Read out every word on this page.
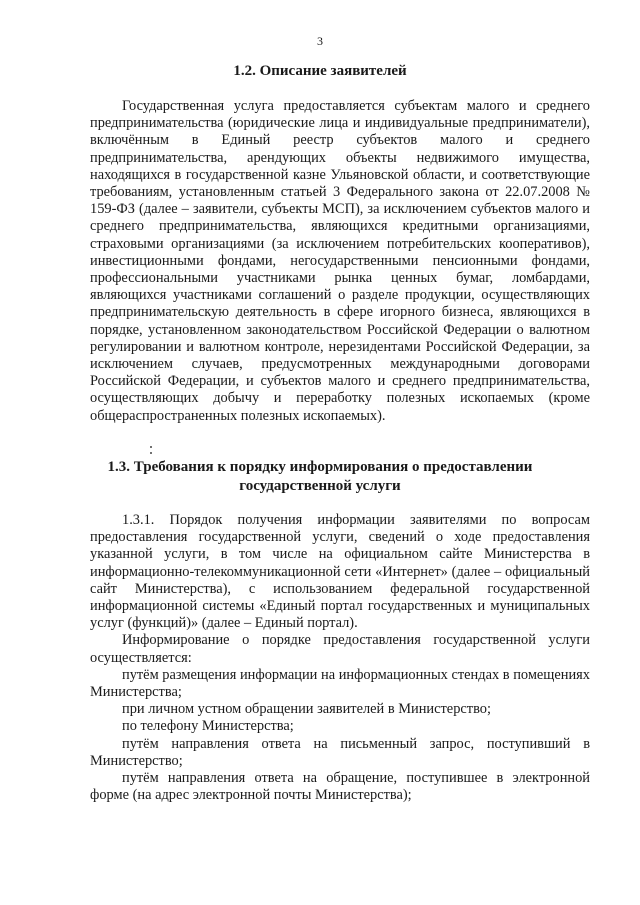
3
1.2. Описание заявителей

Государственная услуга предоставляется субъектам малого и среднего предпринимательства (юридические лица и индивидуальные предприниматели), включённым в Единый реестр субъектов малого и среднего предпринимательства, арендующих объекты недвижимого имущества, находящихся в государственной казне Ульяновской области, и соответствующие требованиям, установленным статьей 3 Федерального закона от 22.07.2008 № 159-ФЗ (далее – заявители, субъекты МСП), за исключением субъектов малого и среднего предпринимательства, являющихся кредитными организациями, страховыми организациями (за исключением потребительских кооперативов), инвестиционными фондами, негосударственными пенсионными фондами, профессиональными участниками рынка ценных бумаг, ломбардами, являющихся участниками соглашений о разделе продукции, осуществляющих предпринимательскую деятельность в сфере игорного бизнеса, являющихся в порядке, установленном законодательством Российской Федерации о валютном регулировании и валютном контроле, нерезидентами Российской Федерации, за исключением случаев, предусмотренных международными договорами Российской Федерации, и субъектов малого и среднего предпринимательства, осуществляющих добычу и переработку полезных ископаемых (кроме общераспространенных полезных ископаемых).

1.3. Требования к порядку информирования о предоставлении
государственной услуги

1.3.1. Порядок получения информации заявителями по вопросам предоставления государственной услуги, сведений о ходе предоставления указанной услуги, в том числе на официальном сайте Министерства в информационно-телекоммуникационной сети «Интернет» (далее – официальный сайт Министерства), с использованием федеральной государственной информационной системы «Единый портал государственных и муниципальных услуг (функций)» (далее – Единый портал).

Информирование о порядке предоставления государственной услуги осуществляется:

путём размещения информации на информационных стендах в помещениях Министерства;

при личном устном обращении заявителей в Министерство;

по телефону Министерства;

путём направления ответа на письменный запрос, поступивший в Министерство;

путём направления ответа на обращение, поступившее в электронной форме (на адрес электронной почты Министерства);
